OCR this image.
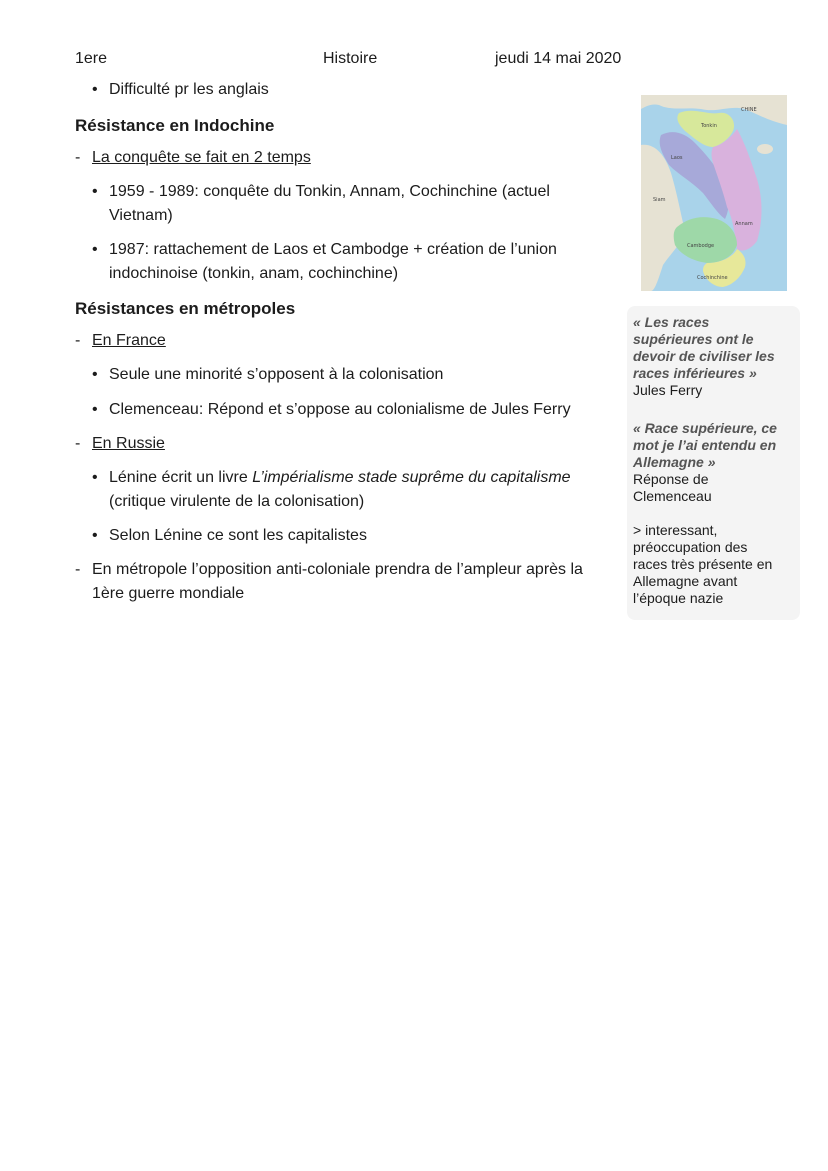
1ere	Histoire	jeudi 14 mai 2020
• Difficulté pr les anglais
Résistance en Indochine
- La conquête se fait en 2 temps
• 1959 - 1989: conquête du Tonkin, Annam, Cochinchine (actuel
Vietnam)
• 1987: rattachement de Laos et Cambodge + création de l’union
indochinoise (tonkin, anam, cochinchine)
Résistances en métropoles
- En France
• Seule une minorité s’opposent à la colonisation
• Clemenceau: Répond et s’oppose au colonialisme de Jules Ferry
- En Russie
• Lénine écrit un livre L’impérialisme stade suprême du capitalisme
(critique virulente de la colonisation)
• Selon Lénine ce sont les capitalistes
- En métropole l’opposition anti-coloniale prendra de l’ampleur après la
1ère guerre mondiale
CHINE
Tonkin
Laos
Annam
Cambodge
Cochinchine
Siam
« Les races
supérieures ont le
devoir de civiliser les
races inférieures »
Jules Ferry
« Race supérieure, ce
mot je l’ai entendu en
Allemagne »
Réponse de
Clemenceau
> interessant,
préoccupation des
races très présente en
Allemagne avant
l’époque nazie
